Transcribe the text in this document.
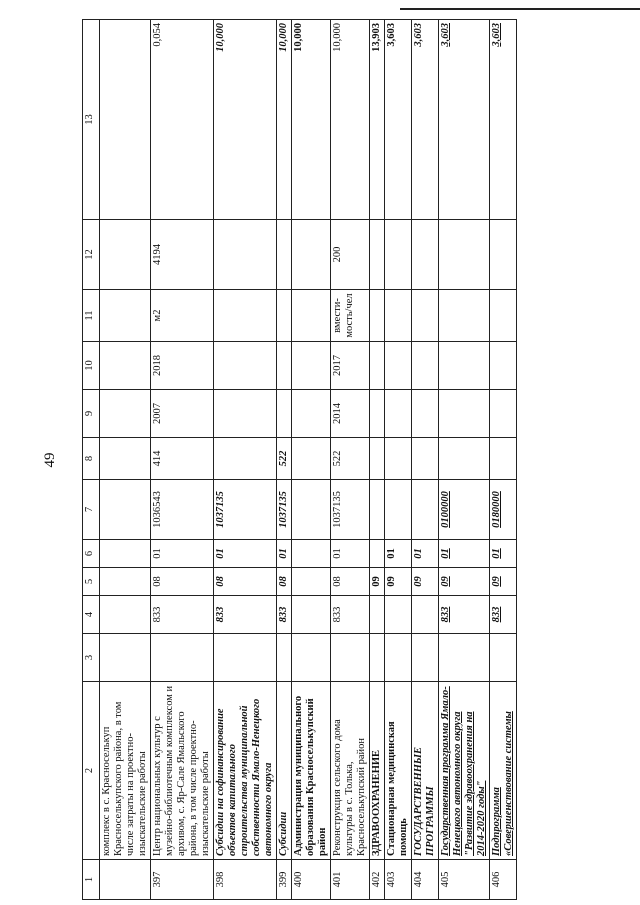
1	2	3	4	5	6	7	8	9	10	11	12	13
	комплекс в с. Красноселькуп Красноселькупского района, в том числе затраты на проектно-изыскательские работы											
397	Центр национальных культур с музейно-библиотечным комплексом и архивом, с. Яр-Сале Ямальского района, в том числе проектно-изыскательские работы		833	08	01	1036543	414	2007	2018	м2	4194	0,054
398	Субсидии на софинансирование объектов капитального строительства муниципальной собственности Ямало-Ненецкого автономного округа		833	08	01	1037135						10,000
399	Субсидии		833	08	01	1037135	522					10,000
400	Администрация муниципального образования Красноселькупский район											10,000
401	Реконструкция сельского дома культуры в с. Толька, Красноселькупский район		833	08	01	1037135	522	2014	2017	вмести-мость/чел	200	10,000
402	ЗДРАВООХРАНЕНИЕ			09								13,903
403	Стационарная медицинская помощь			09	01							3,603
404	ГОСУДАРСТВЕННЫЕ ПРОГРАММЫ			09	01							3,603
405	Государственная программа Ямало-Ненецкого автономного округа "Развитие здравоохранения на 2014-2020 годы"		833	09	01	0100000						3,603
406	Подпрограмма «Совершенствование системы		833	09	01	0180000						3,603
49
